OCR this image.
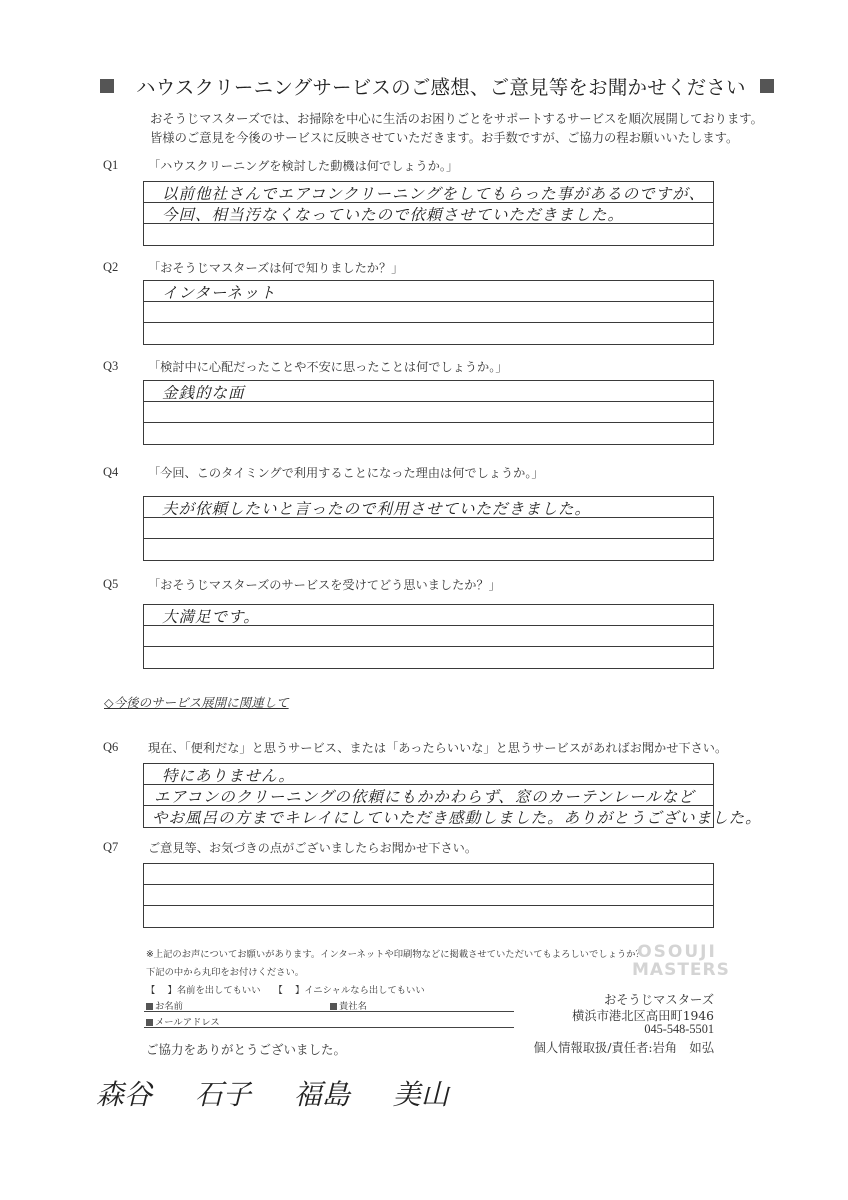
ハウスクリーニングサービスのご感想、ご意見等をお聞かせください
おそうじマスターズでは、お掃除を中心に生活のお困りごとをサポートするサービスを順次展開しております。
皆様のご意見を今後のサービスに反映させていただきます。お手数ですが、ご協力の程お願いいたします。
Q1 「ハウスクリーニングを検討した動機は何でしょうか。」
以前他社さんでエアコンクリーニングをしてもらった事があるのですが、
今回、相当汚なくなっていたので依頼させていただきました。
Q2 「おそうじマスターズは何で知りましたか？」
インターネット
Q3 「検討中に心配だったことや不安に思ったことは何でしょうか。」
金銭的な面
Q4 「今回、このタイミングで利用することになった理由は何でしょうか。」
夫が依頼したいと言ったので利用させていただきました。
Q5 「おそうじマスターズのサービスを受けてどう思いましたか？」
大満足です。
◇今後のサービス展開に関連して
Q6 現在、「便利だな」と思うサービス、または「あったらいいな」と思うサービスがあればお聞かせ下さい。
特にありません。
エアコンのクリーニングの依頼にもかかわらず、窓のカーテンレールなど
やお風呂の方までキレイにしていただき感動しました。ありがとうございました。
Q7 ご意見等、お気づきの点がございましたらお聞かせ下さい。
※上記のお声についてお願いがあります。インターネットや印刷物などに掲載させていただいてもよろしいでしょうか？
下記の中から丸印をお付けください。
【　 】名前を出してもいい 【　 】イニシャルなら出してもいい
お名前	貴社名
メールアドレス
OSOUJI
MASTERS
おそうじマスターズ
横浜市港北区高田町1946
045-548-5501
個人情報取扱/責任者:岩角　如弘
ご協力をありがとうございました。
森谷 石子 福島 美山
